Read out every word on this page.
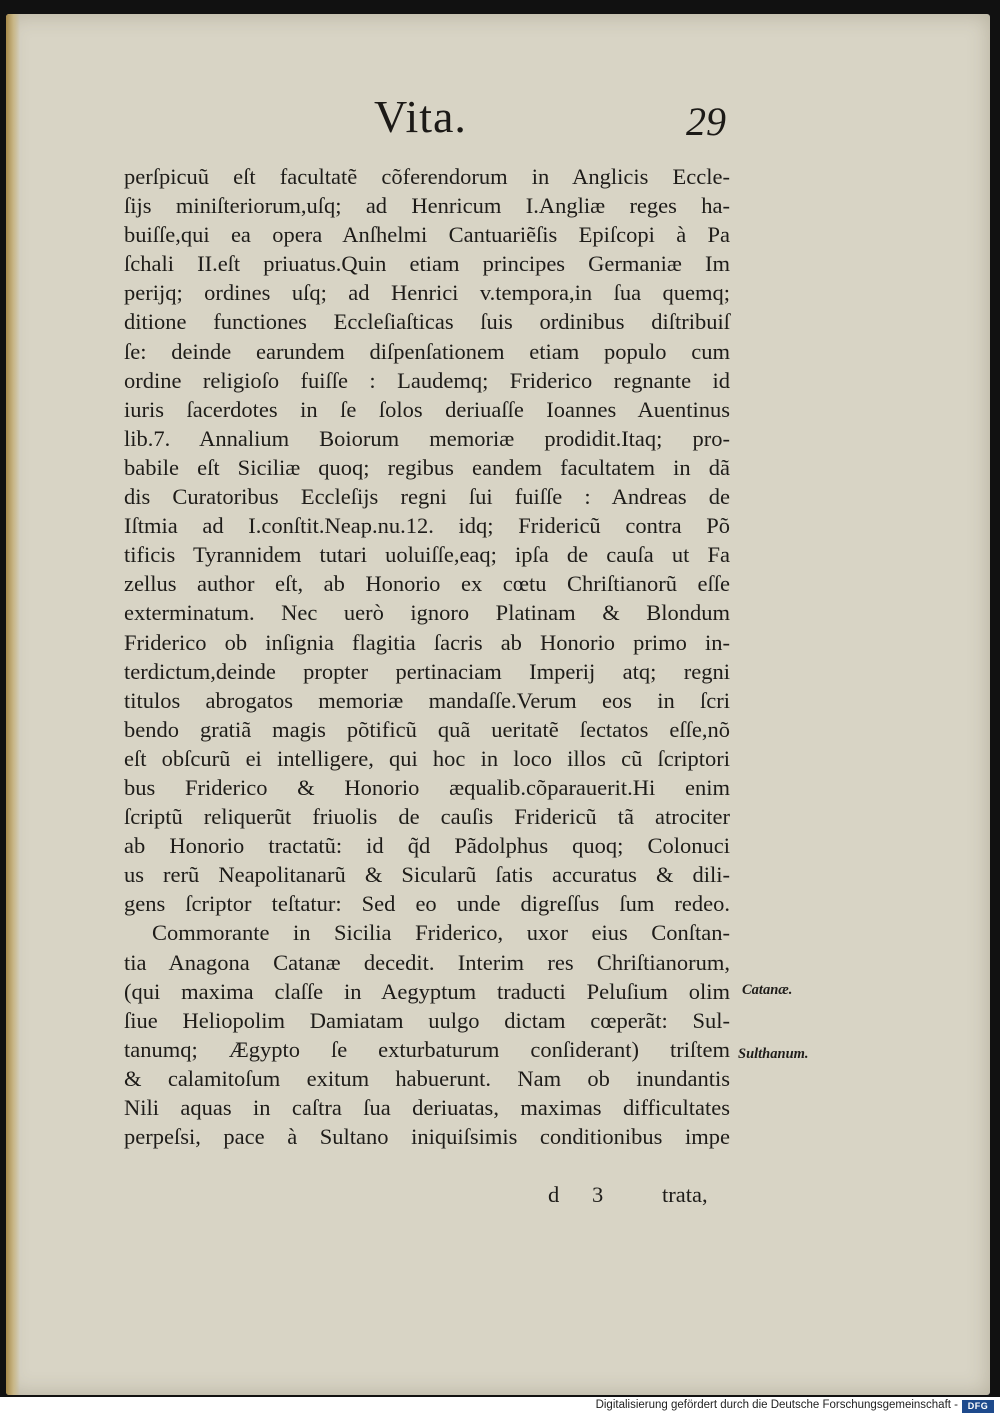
Vita.	29
perſpicuũ eſt facultatẽ cõferendorum in Anglicis Eccle-
ſijs miniſteriorum,uſq; ad Henricum I.Angliæ reges ha-
buiſſe,qui ea opera Anſhelmi Cantuariẽſis Epiſcopi à Pa
ſchali II.eſt priuatus.Quin etiam principes Germaniæ Im
perijq; ordines uſq; ad Henrici v.tempora,in ſua quemq;
ditione functiones Eccleſiaſticas ſuis ordinibus diſtribuiſ
ſe: deinde earundem diſpenſationem etiam populo cum
ordine religioſo fuiſſe : Laudemq; Friderico regnante id
iuris ſacerdotes in ſe ſolos deriuaſſe Ioannes Auentinus
lib.7. Annalium Boiorum memoriæ prodidit.Itaq; pro-
babile eſt Siciliæ quoq; regibus eandem facultatem in dã
dis Curatoribus Eccleſijs regni ſui fuiſſe : Andreas de
Iſtmia ad I.conſtit.Neap.nu.12. idq; Fridericũ contra Põ
tificis Tyrannidem tutari uoluiſſe,eaq; ipſa de cauſa ut Fa
zellus author eſt, ab Honorio ex cœtu Chriſtianorũ eſſe
exterminatum. Nec uerò ignoro Platinam & Blondum
Friderico ob inſignia flagitia ſacris ab Honorio primo in-
terdictum,deinde propter pertinaciam Imperij atq; regni
titulos abrogatos memoriæ mandaſſe.Verum eos in ſcri
bendo gratiã magis põtificũ quã ueritatẽ ſectatos eſſe,nõ
eſt obſcurũ ei intelligere, qui hoc in loco illos cũ ſcriptori
bus Friderico & Honorio æqualib.cõparauerit.Hi enim
ſcriptũ reliquerũt friuolis de cauſis Fridericũ tã atrociter
ab Honorio tractatũ: id q̃d Pãdolphus quoq; Colonuci
us rerũ Neapolitanarũ & Sicularũ ſatis accuratus & dili-
gens ſcriptor teſtatur: Sed eo unde digreſſus ſum redeo.
Commorante in Sicilia Friderico, uxor eius Conſtan-
tia Anagona Catanæ decedit. Interim res Chriſtianorum,
(qui maxima claſſe in Aegyptum traducti Peluſium olim
ſiue Heliopolim Damiatam uulgo dictam cœperãt: Sul-
tanumq; Ægypto ſe exturbaturum conſiderant) triſtem
& calamitoſum exitum habuerunt. Nam ob inundantis
Nili aquas in caſtra ſua deriuatas, maximas difficultates
perpeſsi, pace à Sultano iniquiſsimis conditionibus impe
d 3	trata,
Catanæ.
Sulthanum.
Digitalisierung gefördert durch die Deutsche Forschungsgemeinschaft -	DFG
